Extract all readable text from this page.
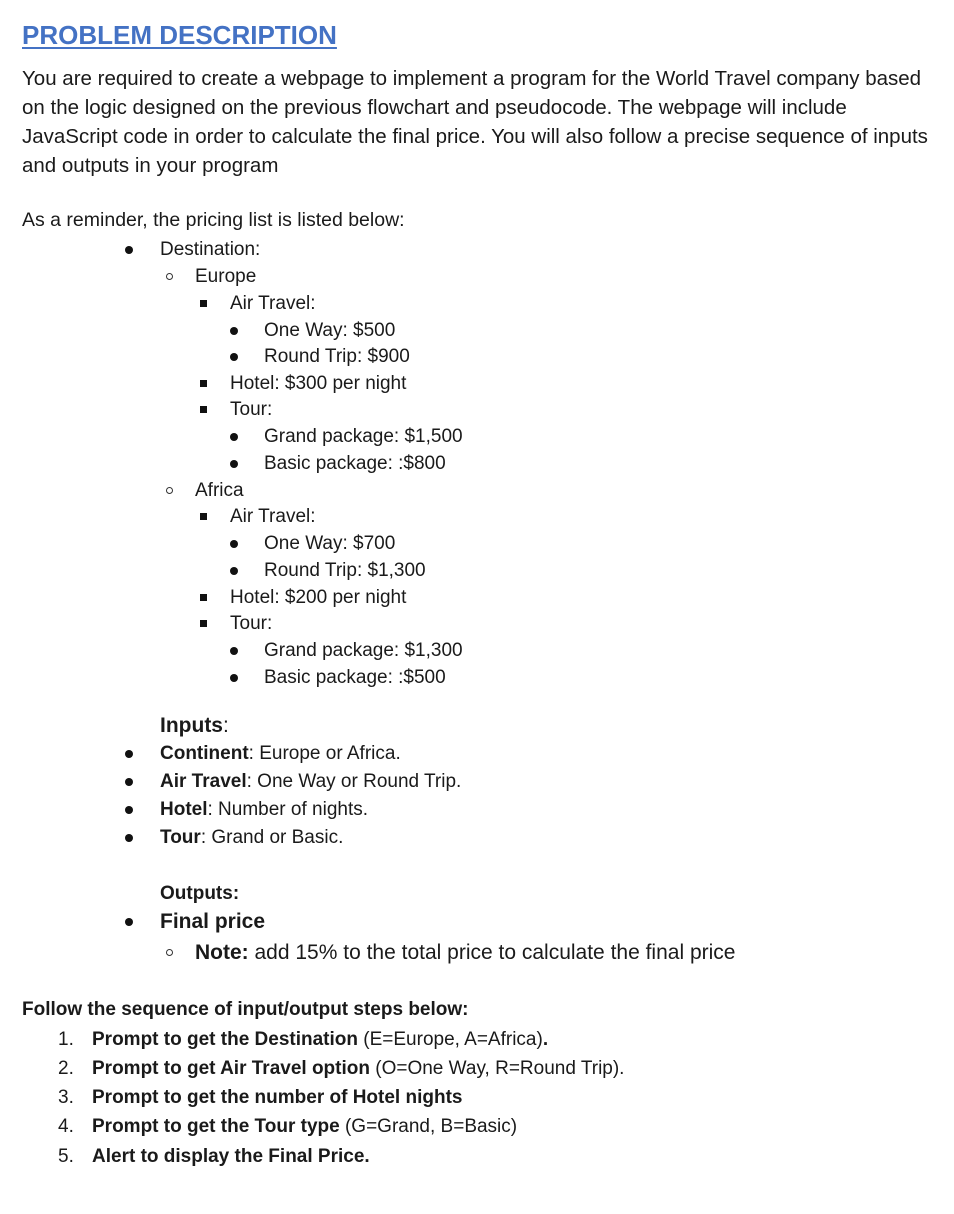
PROBLEM DESCRIPTION
You are required to create a webpage to implement a program for the World Travel company based on the logic designed on the previous flowchart and pseudocode. The webpage will include JavaScript code in order to calculate the final price. You will also follow a precise sequence of inputs and outputs in your program
As a reminder, the pricing list is listed below:
Destination:
Europe
Air Travel:
One Way: $500
Round Trip: $900
Hotel: $300 per night
Tour:
Grand package: $1,500
Basic package: :$800
Africa
Air Travel:
One Way: $700
Round Trip: $1,300
Hotel: $200 per night
Tour:
Grand package: $1,300
Basic package: :$500
Inputs:
Continent: Europe or Africa.
Air Travel: One Way or Round Trip.
Hotel: Number of nights.
Tour: Grand or Basic.
Outputs:
Final price
Note: add 15% to the total price to calculate the final price
Follow the sequence of input/output steps below:
1. Prompt to get the Destination (E=Europe, A=Africa).
2. Prompt to get Air Travel option (O=One Way, R=Round Trip).
3. Prompt to get the number of Hotel nights
4. Prompt to get the Tour type (G=Grand, B=Basic)
5. Alert to display the Final Price.
